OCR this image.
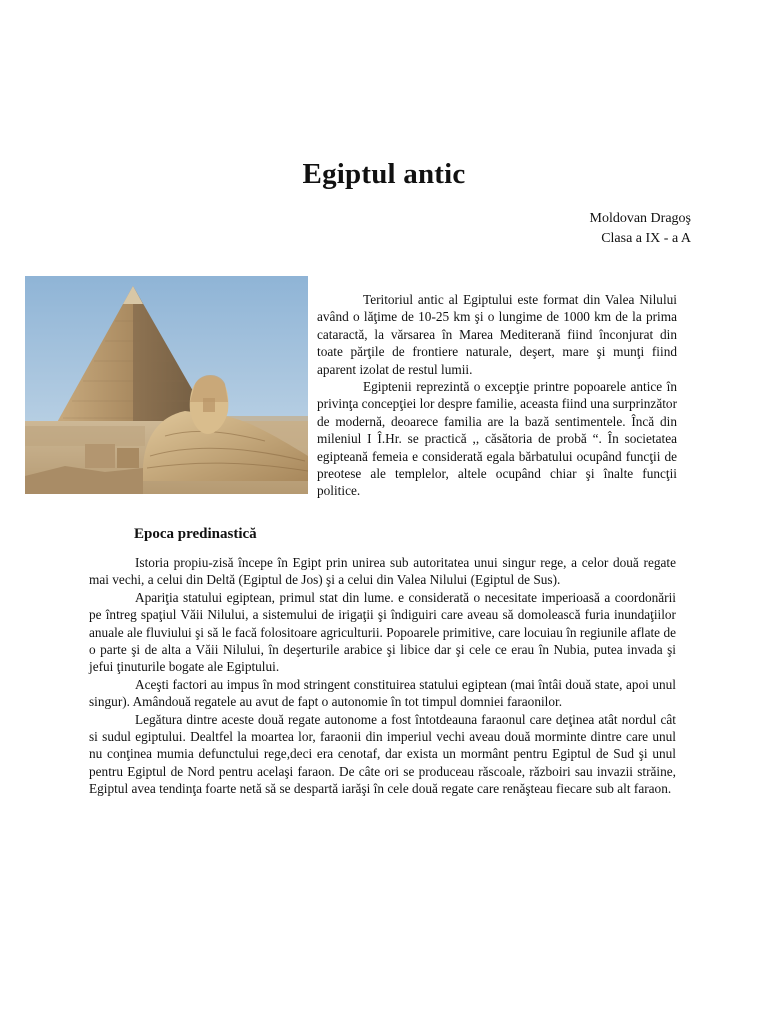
Egiptul antic
Moldovan Dragoş
Clasa a IX - a A

Teritoriul antic al Egiptului este format din Valea Nilului având o lăţime de 10-25 km şi o lungime de 1000 km de la prima cataractă, la vărsarea în Marea Mediterană fiind înconjurat din toate părţile de frontiere naturale, deşert, mare şi munţi fiind aparent izolat de restul lumii.

Egiptenii reprezintă o excepţie printre popoarele antice în privinţa concepţiei lor despre familie, aceasta fiind una surprinzător de modernă, deoarece familia are la bază sentimentele. Încă din mileniul I Î.Hr. se practică ,, căsătoria de probă “. În societatea egipteană femeia e considerată egala bărbatului ocupând funcţii de preotese ale templelor, altele ocupând chiar şi înalte funcţii politice.

Epoca predinastică

Istoria propiu-zisă începe în Egipt prin unirea sub autoritatea unui singur rege, a celor două regate mai vechi, a celui din Deltă (Egiptul de Jos) şi a celui din Valea Nilului (Egiptul de Sus).

Apariţia statului egiptean, primul stat din lume. e considerată o necesitate imperioasă a coordonării pe întreg spaţiul Văii Nilului, a sistemului de irigaţii şi îndiguiri care aveau să domolească furia inundaţiilor anuale ale fluviului şi să le facă folositoare agriculturii. Popoarele primitive, care locuiau în regiunile aflate de o parte şi de alta a Văii Nilului, în deşerturile arabice şi libice dar şi cele ce erau în Nubia, putea invada şi jefui ţinuturile bogate ale Egiptului.

Aceşti factori au impus în mod stringent constituirea statului egiptean (mai întâi două state, apoi unul singur). Amândouă regatele au avut de fapt o autonomie în tot timpul domniei faraonilor.

Legătura dintre aceste două regate autonome a fost întotdeauna faraonul care deţinea atât nordul cât si sudul egiptului. Dealtfel la moartea lor, faraonii din imperiul vechi aveau două morminte dintre care unul nu conţinea mumia defunctului rege,deci era cenotaf, dar exista un mormânt pentru Egiptul de Sud şi unul pentru Egiptul de Nord pentru acelaşi faraon. De câte ori se produceau răscoale, războiri sau invazii străine, Egiptul avea tendinţa foarte netă să se despartă iarăşi în cele două regate care renăşteau fiecare sub alt faraon.
